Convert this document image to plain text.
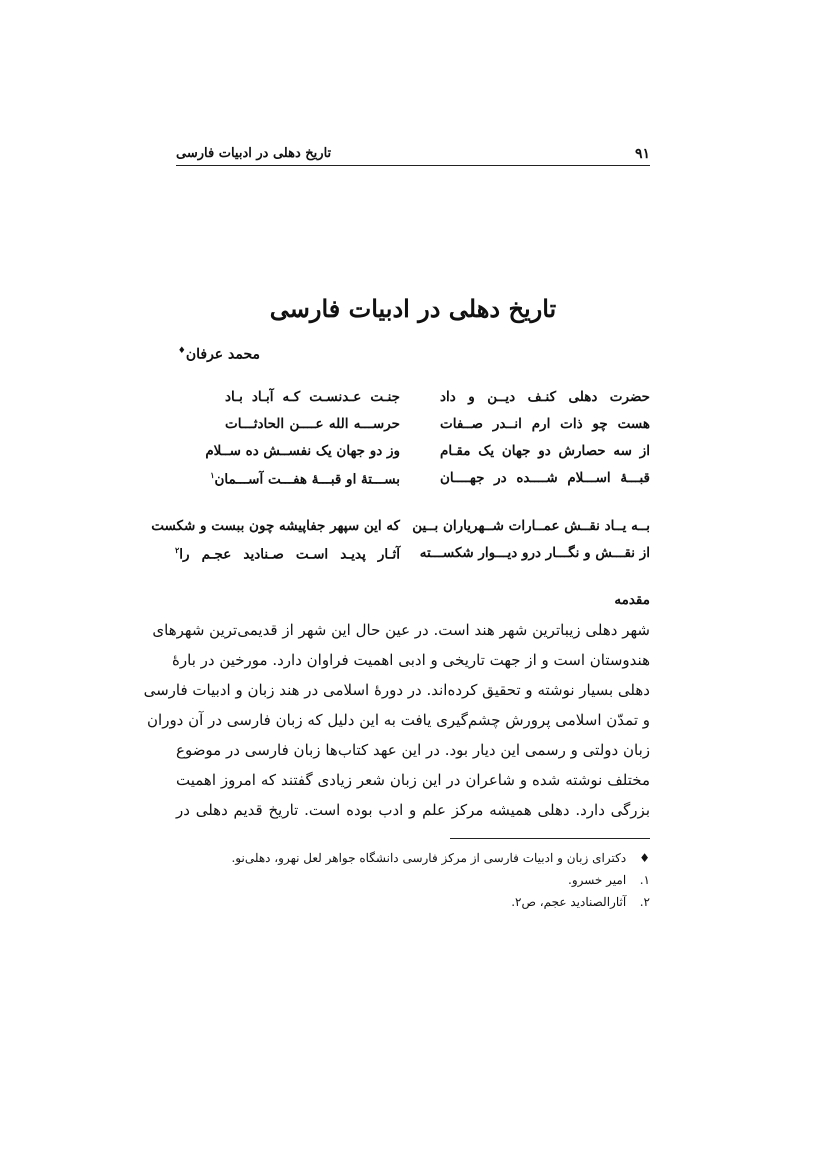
۹۱
تاریخ دهلی در ادبیات فارسی
تاریخ دهلی در ادبیات فارسی
محمد عرفان♦
حضرت دهلی کنـف دیــن و داد
جنـت عـدنسـت کـه آبـاد بـاد
هست چو ذات ارم انــدر صــفات
حرســـه الله عــــن الحادثـــات
از سه حصارش دو جهان یک مقـام
وز دو جهان یک نفســش ده ســلام
قبـــۀ اســـلام شــــده در جهــــان
بســـتۀ او قبـــۀ هفـــت آســـمان$^۱$
بــه یــاد نقــش عمــارات شــهریاران بــین
که این سپهر جفاپیشه چون ببست و شکست
از نقـــش و نگـــار درو دیـــوار شکســـته
آثـار پدیـد اسـت صـنادید عجـم را$^۲$
مقدمه
شهر دهلی زیباترین شهر هند است. در عین حال این شهر از قدیمی‌ترین شهرهای
هندوستان است و از جهت تاریخی و ادبی اهمیت فراوان دارد. مورخین در بارۀ
دهلی بسیار نوشته و تحقیق کرده‌اند. در دورۀ اسلامی در هند زبان و ادبیات فارسی
و تمدّن اسلامی پرورش چشم‌گیری یافت به این دلیل که زبان فارسی در آن دوران
زبان دولتی و رسمی این دیار بود. در این عهد کتاب‌ها زبان فارسی در موضوع
مختلف نوشته شده و شاعران در این زبان شعر زیادی گفتند که امروز اهمیت
بزرگی دارد. دهلی همیشه مرکز علم و ادب بوده است. تاریخ قدیم دهلی در
♦ دکترای زبان و ادبیات فارسی از مرکز فارسی دانشگاه جواهر لعل نهرو، دهلی‌نو.
۱. امیر خسرو.
۲. آثارالصنادید عجم، ص۲.
